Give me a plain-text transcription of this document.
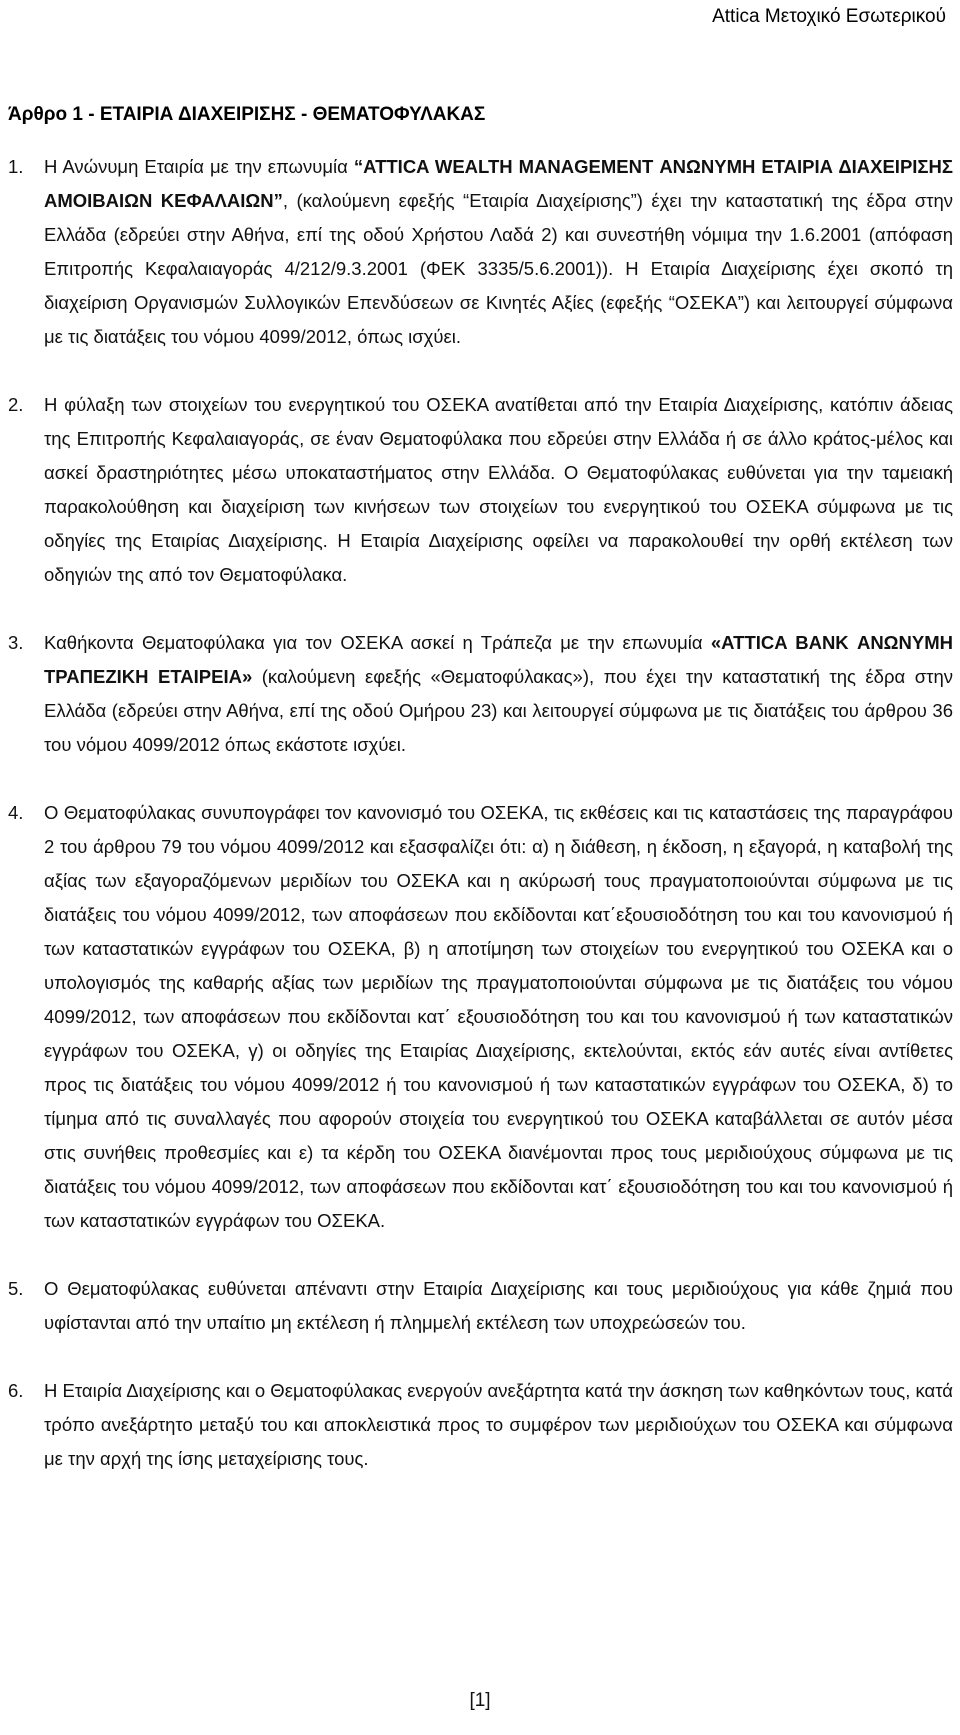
Attica Μετοχικό Εσωτερικού
Άρθρο 1 - ΕΤΑΙΡΙΑ ΔΙΑΧΕΙΡΙΣΗΣ - ΘΕΜΑΤΟΦΥΛΑΚΑΣ
1.	Η Ανώνυμη Εταιρία με την επωνυμία “ATTICA WEALTH MANAGEMENT ΑΝΩΝΥΜΗ ΕΤΑΙΡΙΑ ΔΙΑΧΕΙΡΙΣΗΣ ΑΜΟΙΒΑΙΩΝ ΚΕΦΑΛΑΙΩΝ”, (καλούμενη εφεξής “Εταιρία Διαχείρισης”) έχει την καταστατική της έδρα στην Ελλάδα (εδρεύει στην Αθήνα, επί της οδού Χρήστου Λαδά 2) και συνεστήθη νόμιμα την 1.6.2001 (απόφαση Επιτροπής Κεφαλαιαγοράς 4/212/9.3.2001 (ΦΕΚ 3335/5.6.2001)). Η Εταιρία Διαχείρισης έχει σκοπό τη διαχείριση Οργανισμών Συλλογικών Επενδύσεων σε Κινητές Αξίες (εφεξής “ΟΣΕΚΑ”) και λειτουργεί σύμφωνα με τις διατάξεις του νόμου 4099/2012, όπως ισχύει.
2.	Η φύλαξη των στοιχείων του ενεργητικού του ΟΣΕΚΑ ανατίθεται από την Εταιρία Διαχείρισης, κατόπιν άδειας της Επιτροπής Κεφαλαιαγοράς, σε έναν Θεματοφύλακα που εδρεύει στην Ελλάδα ή σε άλλο κράτος-μέλος και ασκεί δραστηριότητες μέσω υποκαταστήματος στην Ελλάδα. Ο Θεματοφύλακας ευθύνεται για την ταμειακή παρακολούθηση και διαχείριση των κινήσεων των στοιχείων του ενεργητικού του ΟΣΕΚΑ σύμφωνα με τις οδηγίες της Εταιρίας Διαχείρισης. Η Εταιρία Διαχείρισης οφείλει να παρακολουθεί την ορθή εκτέλεση των οδηγιών της από τον Θεματοφύλακα.
3.	Καθήκοντα Θεματοφύλακα για τον ΟΣΕΚΑ ασκεί η Τράπεζα με την επωνυμία «ATTICA BANK ΑΝΩΝΥΜΗ ΤΡΑΠΕΖΙΚΗ ΕΤΑΙΡΕΙΑ» (καλούμενη εφεξής «Θεματοφύλακας»), που έχει την καταστατική της έδρα στην Ελλάδα (εδρεύει στην Αθήνα, επί της οδού Ομήρου 23) και λειτουργεί σύμφωνα με τις διατάξεις του άρθρου 36 του νόμου 4099/2012 όπως εκάστοτε ισχύει.
4.	Ο Θεματοφύλακας συνυπογράφει τον κανονισμό του ΟΣΕΚΑ, τις εκθέσεις και τις καταστάσεις της παραγράφου 2 του άρθρου 79 του νόμου 4099/2012 και εξασφαλίζει ότι: α) η διάθεση, η έκδοση, η εξαγορά, η καταβολή της αξίας των εξαγοραζόμενων μεριδίων του ΟΣΕΚΑ και η ακύρωσή τους πραγματοποιούνται σύμφωνα με τις διατάξεις του νόμου 4099/2012, των αποφάσεων που εκδίδονται κατ΄εξουσιοδότηση του και του κανονισμού ή των καταστατικών εγγράφων του ΟΣΕΚΑ, β) η αποτίμηση των στοιχείων του ενεργητικού του ΟΣΕΚΑ και ο υπολογισμός της καθαρής αξίας των μεριδίων της πραγματοποιούνται σύμφωνα με τις διατάξεις του νόμου 4099/2012, των αποφάσεων που εκδίδονται κατ΄ εξουσιοδότηση του και του κανονισμού ή των καταστατικών εγγράφων του ΟΣΕΚΑ, γ) οι οδηγίες της Εταιρίας Διαχείρισης, εκτελούνται, εκτός εάν αυτές είναι αντίθετες προς τις διατάξεις του νόμου 4099/2012 ή του κανονισμού ή των καταστατικών εγγράφων του ΟΣΕΚΑ, δ) το τίμημα από τις συναλλαγές που αφορούν στοιχεία του ενεργητικού του ΟΣΕΚΑ καταβάλλεται σε αυτόν μέσα στις συνήθεις προθεσμίες και ε) τα κέρδη του ΟΣΕΚΑ διανέμονται προς τους μεριδιούχους σύμφωνα με τις διατάξεις του νόμου 4099/2012, των αποφάσεων που εκδίδονται κατ΄ εξουσιοδότηση του και του κανονισμού ή των καταστατικών εγγράφων του ΟΣΕΚΑ.
5.	Ο Θεματοφύλακας ευθύνεται απέναντι στην Εταιρία Διαχείρισης και τους μεριδιούχους για κάθε ζημιά που υφίστανται από την υπαίτιο μη εκτέλεση ή πλημμελή εκτέλεση των υποχρεώσεών του.
6.	Η Εταιρία Διαχείρισης και ο Θεματοφύλακας ενεργούν ανεξάρτητα κατά την άσκηση των καθηκόντων τους, κατά τρόπο ανεξάρτητο μεταξύ του και αποκλειστικά προς το συμφέρον των μεριδιούχων του ΟΣΕΚΑ και σύμφωνα με την αρχή της ίσης μεταχείρισης τους.
[1]
